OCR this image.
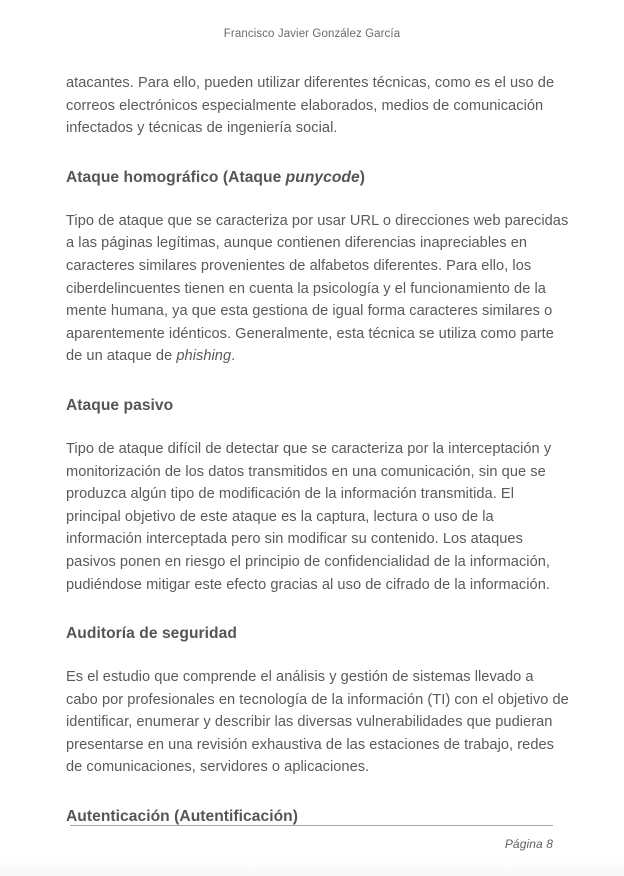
Francisco Javier González García

atacantes. Para ello, pueden utilizar diferentes técnicas, como es el uso de correos electrónicos especialmente elaborados, medios de comunicación infectados y técnicas de ingeniería social.

Ataque homográfico (Ataque punycode)

Tipo de ataque que se caracteriza por usar URL o direcciones web parecidas a las páginas legítimas, aunque contienen diferencias inapreciables en caracteres similares provenientes de alfabetos diferentes. Para ello, los ciberdelincuentes tienen en cuenta la psicología y el funcionamiento de la mente humana, ya que esta gestiona de igual forma caracteres similares o aparentemente idénticos. Generalmente, esta técnica se utiliza como parte de un ataque de phishing.

Ataque pasivo

Tipo de ataque difícil de detectar que se caracteriza por la interceptación y monitorización de los datos transmitidos en una comunicación, sin que se produzca algún tipo de modificación de la información transmitida. El principal objetivo de este ataque es la captura, lectura o uso de la información interceptada pero sin modificar su contenido. Los ataques pasivos ponen en riesgo el principio de confidencialidad de la información, pudiéndose mitigar este efecto gracias al uso de cifrado de la información.

Auditoría de seguridad

Es el estudio que comprende el análisis y gestión de sistemas llevado a cabo por profesionales en tecnología de la información (TI) con el objetivo de identificar, enumerar y describir las diversas vulnerabilidades que pudieran presentarse en una revisión exhaustiva de las estaciones de trabajo, redes de comunicaciones, servidores o aplicaciones.

Autenticación (Autentificación)
Página 8
